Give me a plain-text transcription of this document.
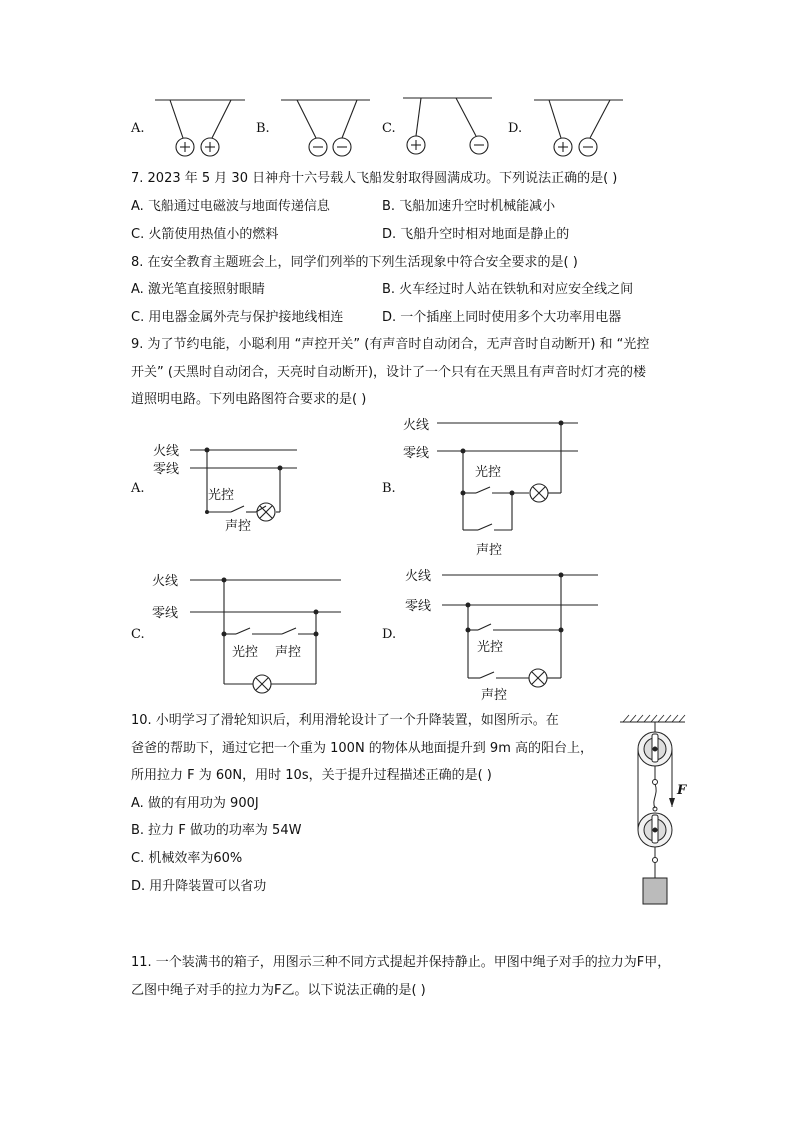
A.	B.	C.	D.
7. 2023 年 5 月 30 日神舟十六号载人飞船发射取得圆满成功。下列说法正确的是( )
A. 飞船通过电磁波与地面传递信息	B. 飞船加速升空时机械能减小
C. 火箭使用热值小的燃料	D. 飞船升空时相对地面是静止的
8. 在安全教育主题班会上，同学们列举的下列生活现象中符合安全要求的是( )
A. 激光笔直接照射眼睛	B. 火车经过时人站在铁轨和对应安全线之间
C. 用电器金属外壳与保护接地线相连	D. 一个插座上同时使用多个大功率用电器
9. 为了节约电能，小聪利用 “声控开关” (有声音时自动闭合，无声音时自动断开) 和 “光控
开关” (天黑时自动闭合，天亮时自动断开)，设计了一个只有在天黑且有声音时灯才亮的楼
道照明电路。下列电路图符合要求的是( )
A.	B.
C.	D.
火线
零线
光控
声控
火线
零线
光控
声控
火线
零线
光控 声控
火线
零线
光控
声控
10. 小明学习了滑轮知识后，利用滑轮设计了一个升降装置，如图所示。在
爸爸的帮助下，通过它把一个重为 100N 的物体从地面提升到 9m 高的阳台上，
所用拉力 F 为 60N，用时 10s，关于提升过程描述正确的是( )
A. 做的有用功为 900J
B. 拉力 F 做功的功率为 54W
C. 机械效率为60%
D. 用升降装置可以省功
F
11. 一个装满书的箱子，用图示三种不同方式提起并保持静止。甲图中绳子对手的拉力为F甲，
乙图中绳子对手的拉力为F乙。以下说法正确的是( )
